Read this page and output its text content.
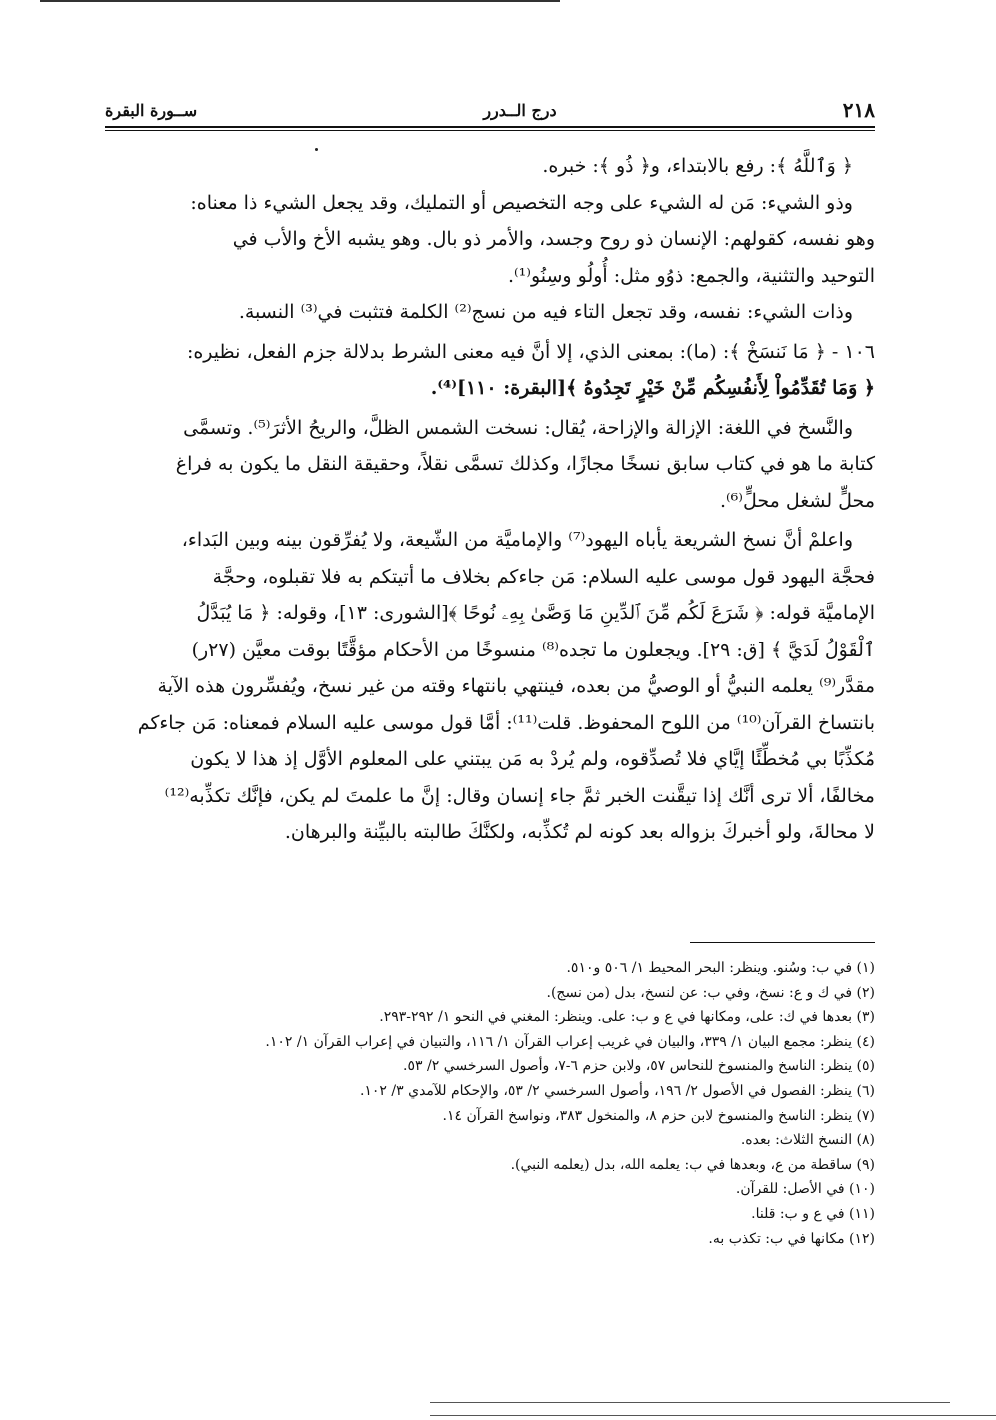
٢١٨
درج الــدرر
ســورة البقرة

﴿ وَٱللَّهُ ﴾: رفع بالابتداء، و﴿ ذُو ﴾: خبره.

وذو الشيء: مَن له الشيء على وجه التخصيص أو التمليك، وقد يجعل الشيء ذا معناه:

وهو نفسه، كقولهم: الإنسان ذو روح وجسد، والأمر ذو بال. وهو يشبه الأخ والأب في

التوحيد والتثنية، والجمع: ذوُو مثل: أُولُو وسِنُو⁽¹⁾.

وذات الشيء: نفسه، وقد تجعل التاء فيه من نسج⁽²⁾ الكلمة فتثبت في⁽³⁾ النسبة.

١٠٦ - ﴿ مَا نَنسَخْ ﴾: (ما): بمعنى الذي، إلا أنَّ فيه معنى الشرط بدلالة جزم الفعل، نظيره:

﴿ وَمَا تُقَدِّمُواْ لِأَنفُسِكُم مِّنْ خَيْرٍ تَجِدُوهُ ﴾[البقرة: ١١٠]⁽⁴⁾.

والنَّسخ في اللغة: الإزالة والإزاحة، يُقال: نسخت الشمس الظلَّ، والريحُ الأثرَ⁽⁵⁾. وتسمَّى

كتابة ما هو في كتاب سابق نسخًا مجازًا، وكذلك تسمَّى نقلاً، وحقيقة النقل ما يكون به فراغ

محلٍّ لشغل محلٍّ⁽⁶⁾.

واعلمْ أنَّ نسخ الشريعة يأباه اليهود⁽⁷⁾ والإماميَّة من الشّيعة، ولا يُفرِّقون بينه وبين البَداء،

فحجَّة اليهود قول موسى عليه السلام: مَن جاءكم بخلاف ما أتيتكم به فلا تقبلوه، وحجَّة

الإماميَّة قوله: ﴿ شَرَعَ لَكُم مِّنَ ٱلدِّينِ مَا وَصَّىٰ بِهِۦ نُوحًا ﴾[الشورى: ١٣]، وقوله: ﴿ مَا يُبَدَّلُ

ٱلْقَوْلُ لَدَيَّ ﴾ [ق: ٢٩]. ويجعلون ما تجده⁽⁸⁾ منسوخًا من الأحكام مؤقَّتًا بوقت معيَّن (٢٧ر)

مقدَّر⁽⁹⁾ يعلمه النبيُّ أو الوصيُّ من بعده، فينتهي بانتهاء وقته من غير نسخ، ويُفسِّرون هذه الآية

بانتساخ القرآن⁽¹⁰⁾ من اللوح المحفوظ. قلت⁽¹¹⁾: أمَّا قول موسى عليه السلام فمعناه: مَن جاءكم

مُكذِّبًا بي مُخطِّئًا إيَّاي فلا تُصدِّقوه، ولم يُردْ به مَن يبتني على المعلوم الأوَّل إذ هذا لا يكون

مخالفًا، ألا ترى أنَّك إذا تيقَّنت الخبر ثمَّ جاء إنسان وقال: إنَّ ما علمتَ لم يكن، فإنَّك تكذِّبه⁽¹²⁾

لا محالةَ، ولو أخبركَ بزواله بعد كونه لم تُكذِّبه، ولكنَّكَ طالبته بالبيِّنة والبرهان.

(١) في ب: وسُنو. وينظر: البحر المحيط ١/ ٥٠٦ و٥١٠.
(٢) في ك و ع: نسخ، وفي ب: عن لنسخ، بدل (من نسج).
(٣) بعدها في ك: على، ومكانها في ع و ب: على. وينظر: المغني في النحو ١/ ٢٩٢-٢٩٣.
(٤) ينظر: مجمع البيان ١/ ٣٣٩، والبيان في غريب إعراب القرآن ١/ ١١٦، والتبيان في إعراب القرآن ١/ ١٠٢.
(٥) ينظر: الناسخ والمنسوخ للنحاس ٥٧، ولابن حزم ٦-٧، وأصول السرخسي ٢/ ٥٣.
(٦) ينظر: الفصول في الأصول ٢/ ١٩٦، وأصول السرخسي ٢/ ٥٣، والإحكام للآمدي ٣/ ١٠٢.
(٧) ينظر: الناسخ والمنسوخ لابن حزم ٨، والمنخول ٣٨٣، ونواسخ القرآن ١٤.
(٨) النسخ الثلاث: بعده.
(٩) ساقطة من ع، وبعدها في ب: يعلمه الله، بدل (يعلمه النبي).
(١٠) في الأصل: للقرآن.
(١١) في ع و ب: قلنا.
(١٢) مكانها في ب: تكذب به.
